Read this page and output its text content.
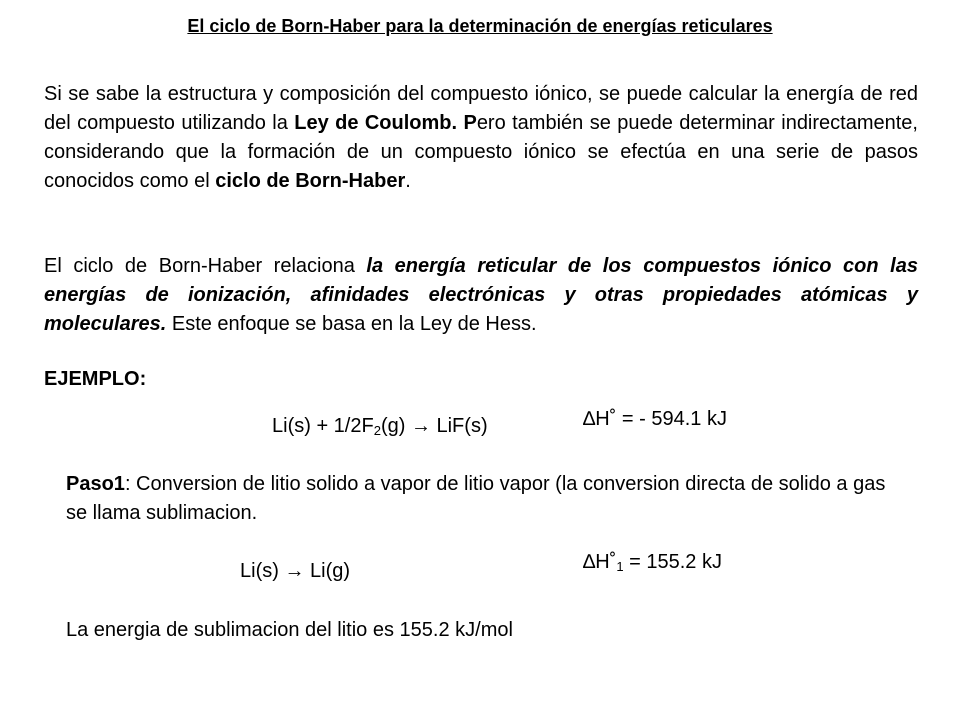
El ciclo de Born-Haber para la determinación de energías reticulares
Si se sabe la estructura y composición del compuesto iónico, se puede calcular la energía de red del compuesto utilizando la Ley de Coulomb. Pero también se puede determinar indirectamente, considerando que la formación de un compuesto iónico se efectúa en una serie de pasos conocidos como el ciclo de Born-Haber.
El ciclo de Born-Haber relaciona la energía reticular de los compuestos iónico con las energías de ionización, afinidades electrónicas y otras propiedades atómicas y moleculares. Este enfoque se basa en la Ley de Hess.
EJEMPLO:
$Li(s) + 1/2F_2(g) \to LiF(s)$	∆H˚ = - 594.1 kJ
Paso1: Conversion de litio solido a vapor de litio vapor (la conversion directa de solido a gas se llama sublimacion.
Li(s) → Li(g)	$\Delta H˚_1 = 155.2$ kJ
La energia de sublimacion del litio es 155.2 kJ/mol
